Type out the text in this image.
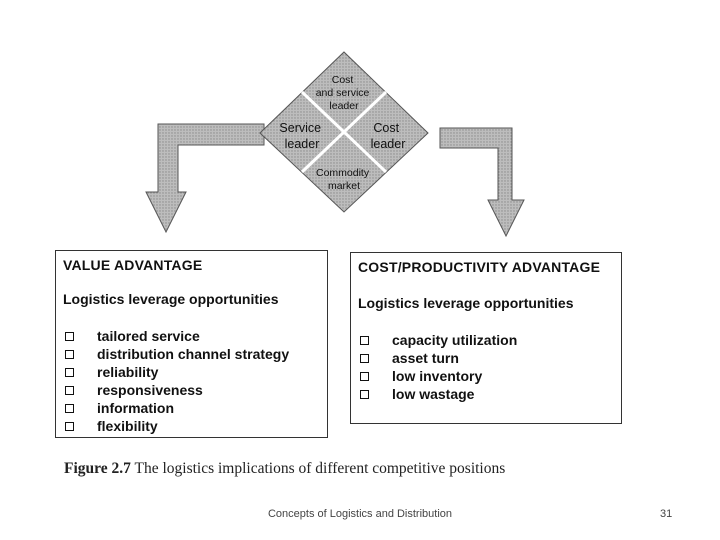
Cost and service leader
Service leader
Cost leader
Commodity market
VALUE ADVANTAGE
Logistics leverage opportunities
tailored service
distribution channel strategy
reliability
responsiveness
information
flexibility
COST/PRODUCTIVITY ADVANTAGE
Logistics leverage opportunities
capacity utilization
asset turn
low inventory
low wastage
Figure 2.7 The logistics implications of different competitive positions
Concepts of Logistics and Distribution	31
